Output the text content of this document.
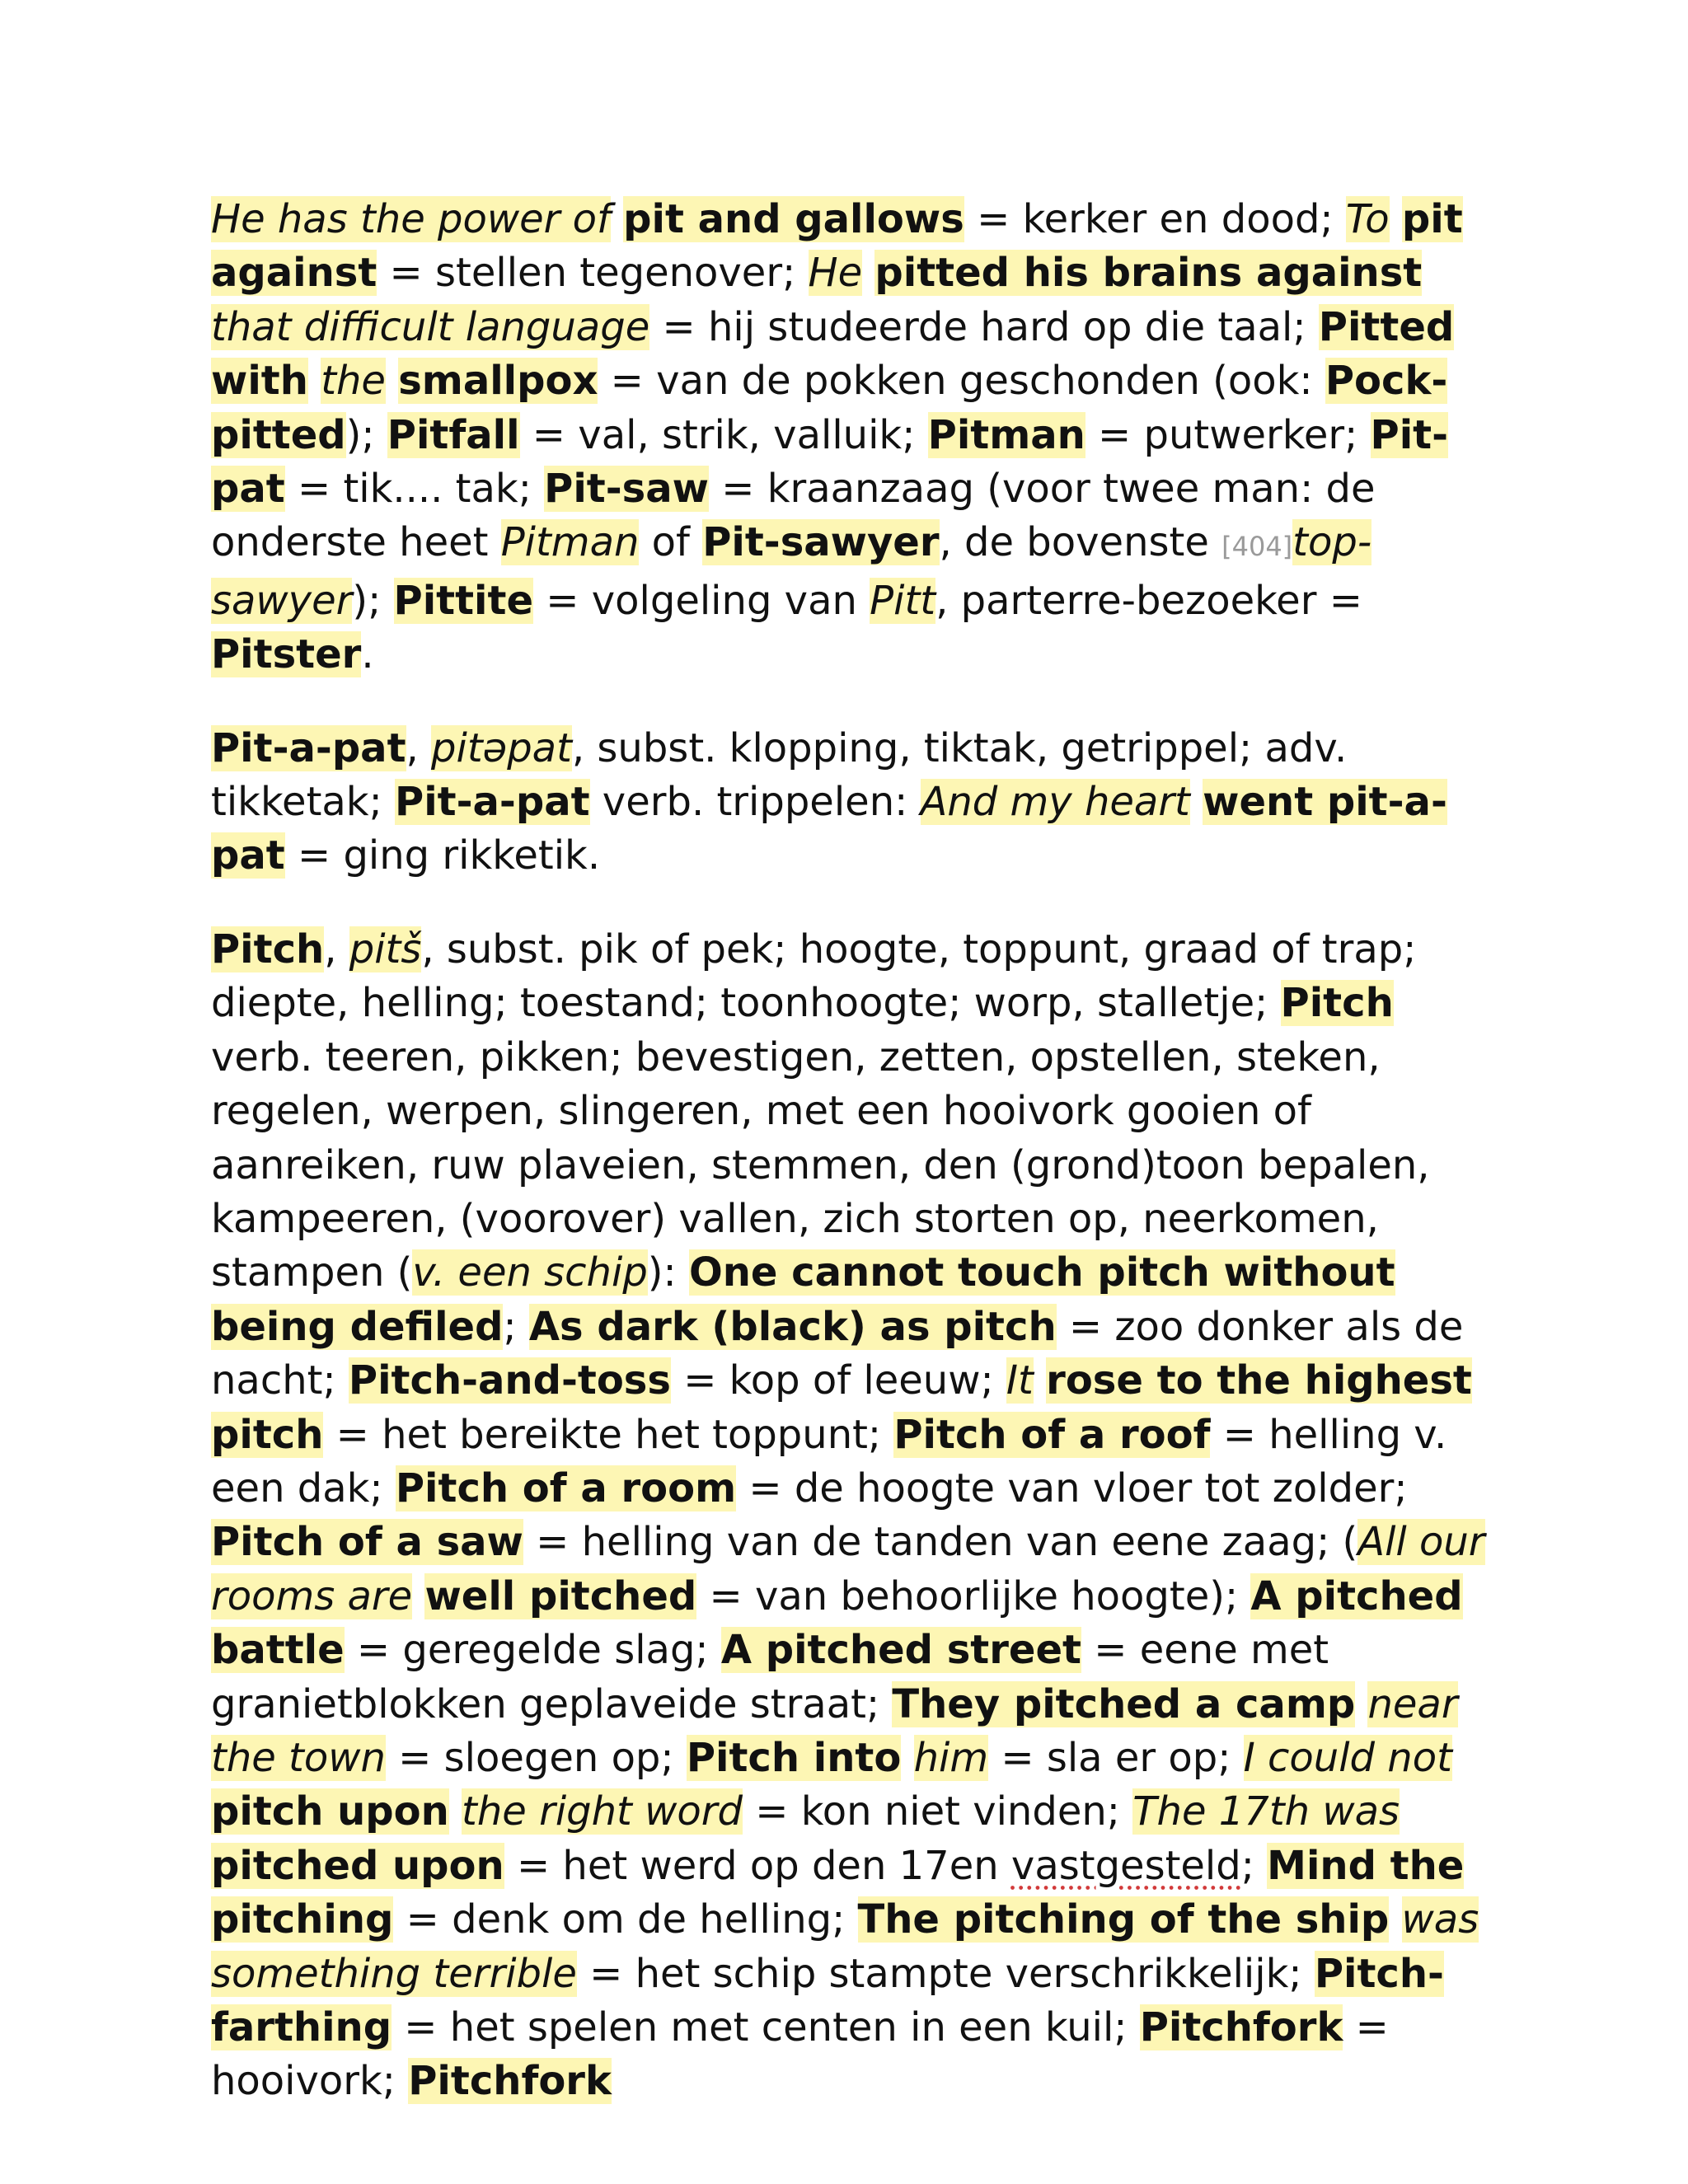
He has the power of pit and gallows = kerker en dood; To pit against = stellen tegenover; He pitted his brains against that difficult language = hij studeerde hard op die taal; Pitted with the smallpox = van de pokken geschonden (ook: Pock-pitted); Pitfall = val, strik, valluik; Pitman = putwerker; Pit-pat = tik.... tak; Pit-saw = kraanzaag (voor twee man: de onderste heet Pitman of Pit-sawyer, de bovenste [404]top-sawyer); Pittite = volgeling van Pitt, parterre-bezoeker = Pitster.

Pit-a-pat, pitəpat, subst. klopping, tiktak, getrippel; adv. tikketak; Pit-a-pat verb. trippelen: And my heart went pit-a-pat = ging rikketik.

Pitch, pitš, subst. pik of pek; hoogte, toppunt, graad of trap; diepte, helling; toestand; toonhoogte; worp, stalletje; Pitch verb. teeren, pikken; bevestigen, zetten, opstellen, steken, regelen, werpen, slingeren, met een hooivork gooien of aanreiken, ruw plaveien, stemmen, den (grond)toon bepalen, kampeeren, (voorover) vallen, zich storten op, neerkomen, stampen (v. een schip): One cannot touch pitch without being defiled; As dark (black) as pitch = zoo donker als de nacht; Pitch-and-toss = kop of leeuw; It rose to the highest pitch = het bereikte het toppunt; Pitch of a roof = helling v. een dak; Pitch of a room = de hoogte van vloer tot zolder; Pitch of a saw = helling van de tanden van eene zaag; (All our rooms are well pitched = van behoorlijke hoogte); A pitched battle = geregelde slag; A pitched street = eene met granietblokken geplaveide straat; They pitched a camp near the town = sloegen op; Pitch into him = sla er op; I could not pitch upon the right word = kon niet vinden; The 17th was pitched upon = het werd op den 17en vastgesteld; Mind the pitching = denk om de helling; The pitching of the ship was something terrible = het schip stampte verschrikkelijk; Pitch-farthing = het spelen met centen in een kuil; Pitchfork = hooivork; Pitchfork
